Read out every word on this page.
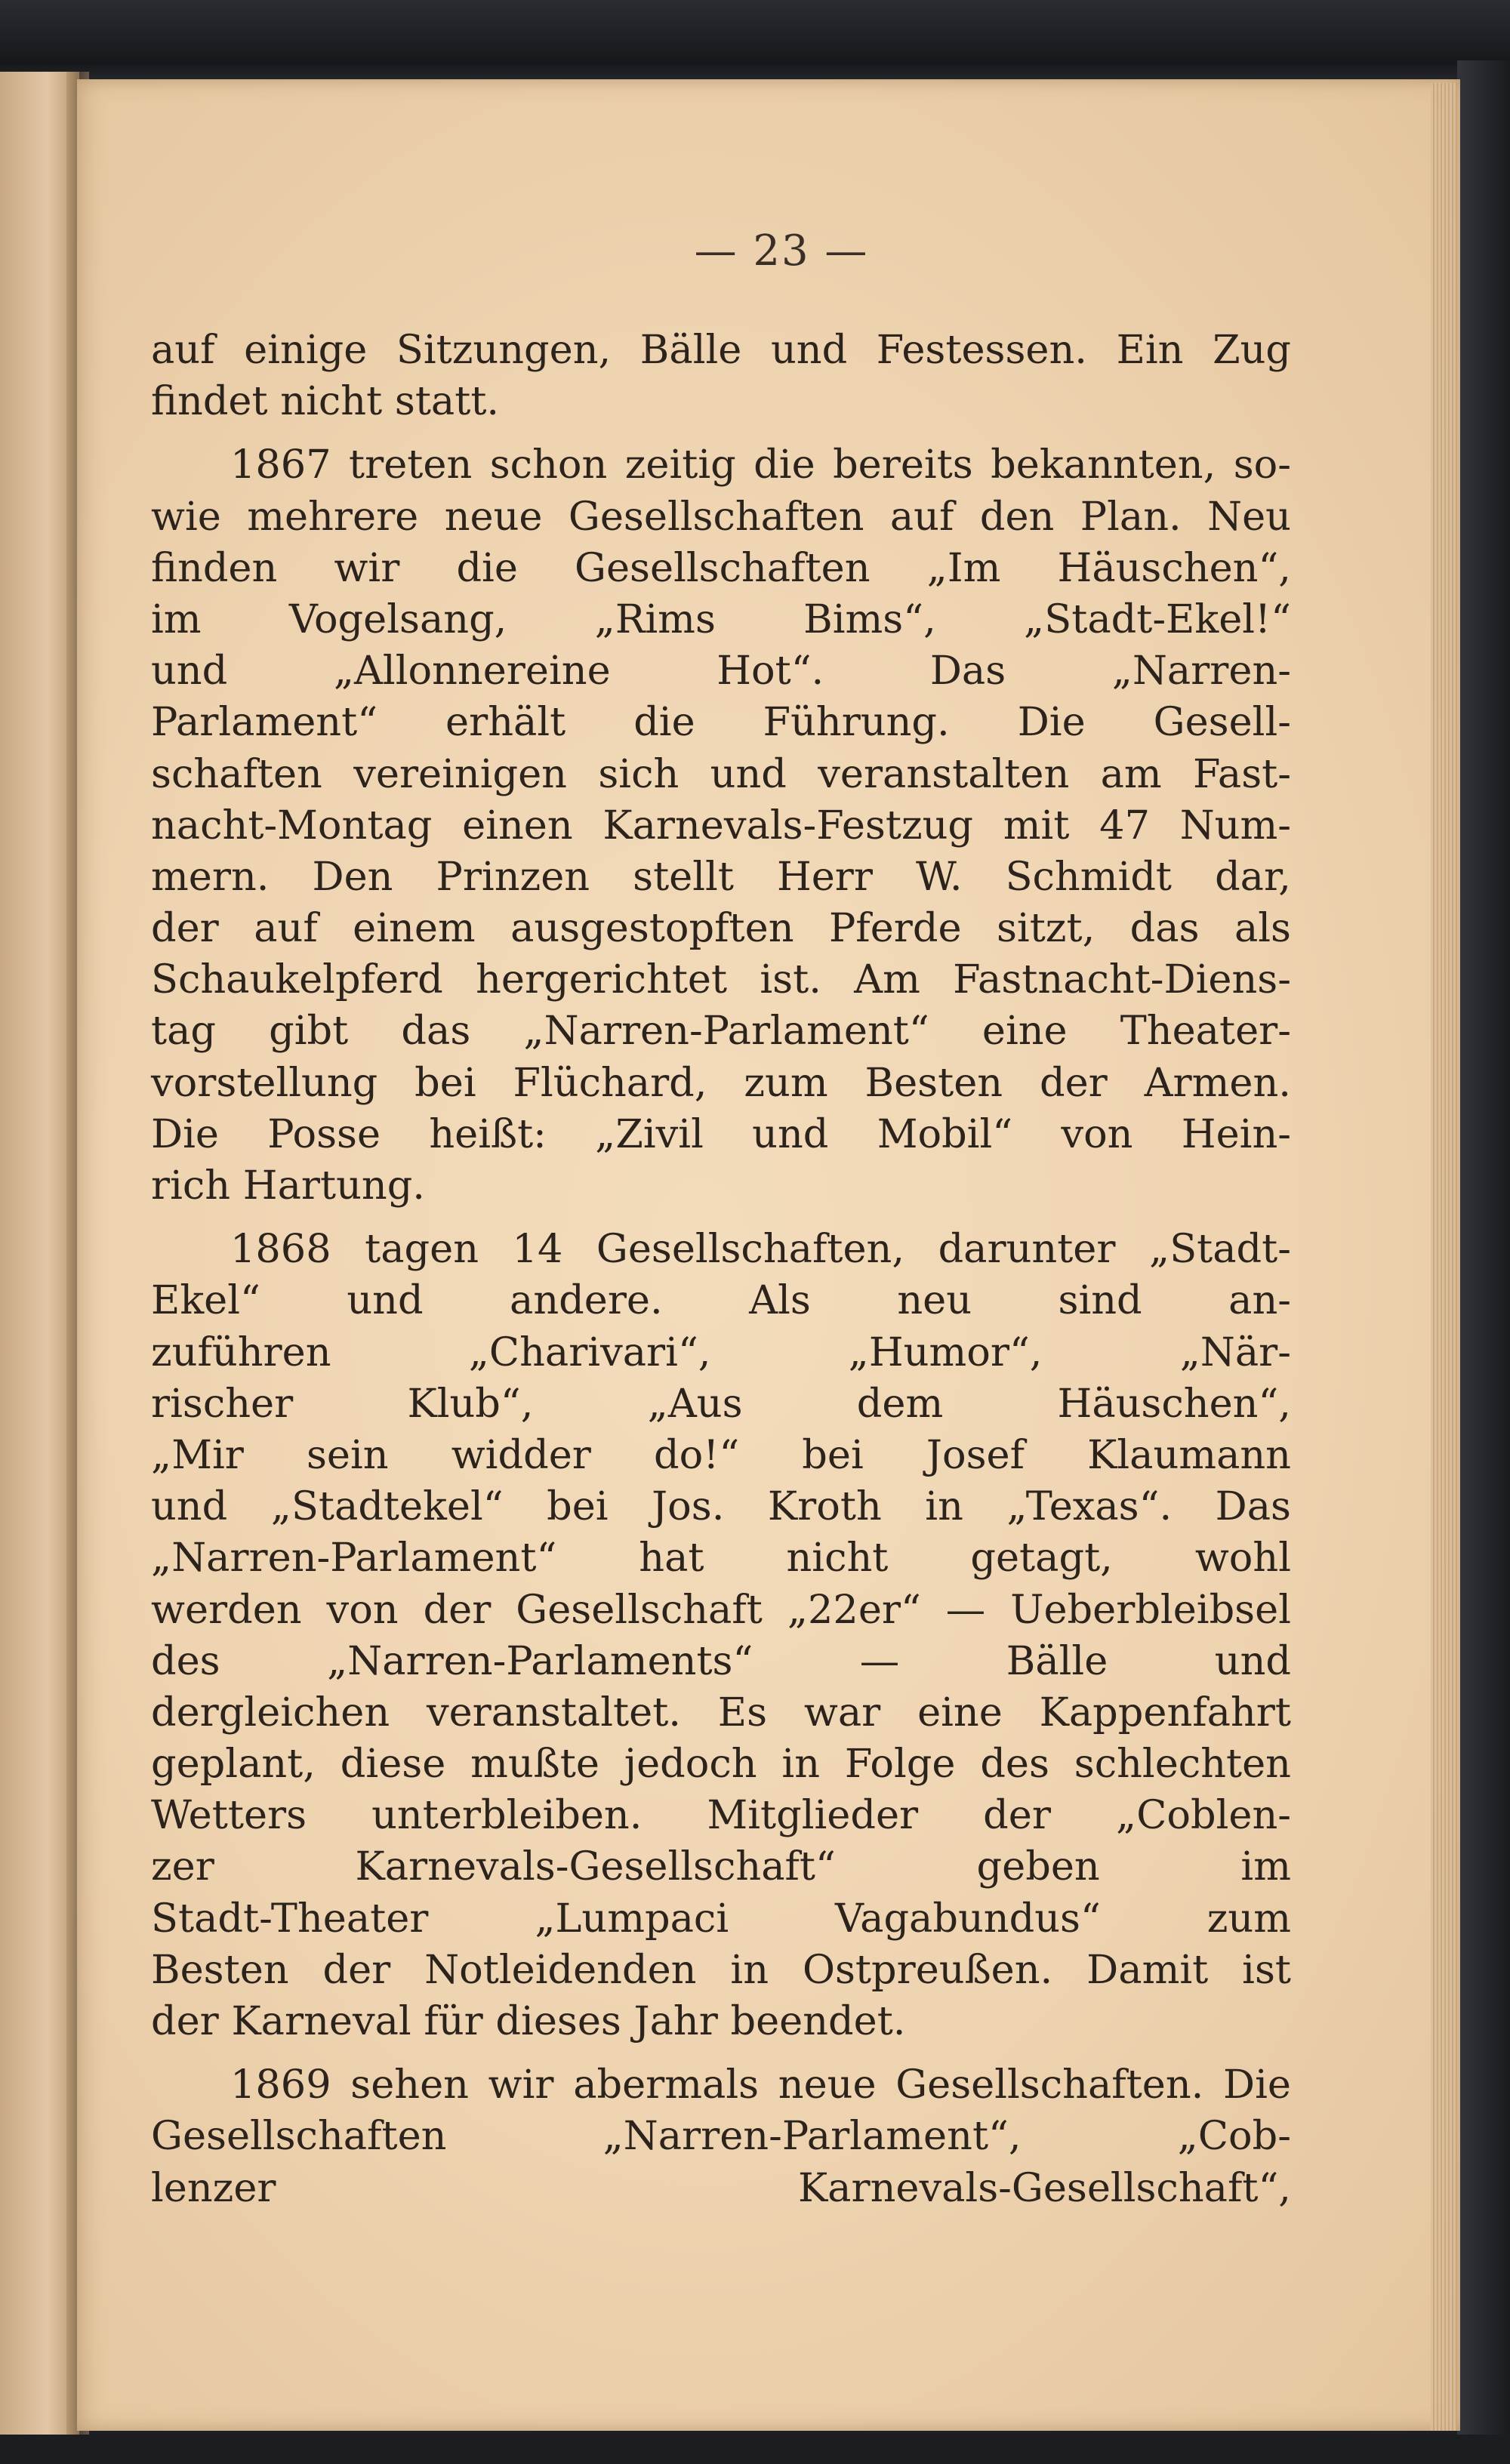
— 23 —
auf einige Sitzungen, Bälle und Festessen. Ein Zug
findet nicht statt.
1867 treten schon zeitig die bereits bekannten, so-
wie mehrere neue Gesellschaften auf den Plan. Neu
finden wir die Gesellschaften „Im Häuschen“,
im Vogelsang, „Rims Bims“, „Stadt-Ekel!“
und „Allonnereine Hot“. Das „Narren-
Parlament“ erhält die Führung. Die Gesell-
schaften vereinigen sich und veranstalten am Fast-
nacht-Montag einen Karnevals-Festzug mit 47 Num-
mern. Den Prinzen stellt Herr W. Schmidt dar,
der auf einem ausgestopften Pferde sitzt, das als
Schaukelpferd hergerichtet ist. Am Fastnacht-Diens-
tag gibt das „Narren-Parlament“ eine Theater-
vorstellung bei Flüchard, zum Besten der Armen.
Die Posse heißt: „Zivil und Mobil“ von Hein-
rich Hartung.
1868 tagen 14 Gesellschaften, darunter „Stadt-
Ekel“ und andere. Als neu sind an-
zuführen „Charivari“, „Humor“, „När-
rischer Klub“, „Aus dem Häuschen“,
„Mir sein widder do!“ bei Josef Klaumann
und „Stadtekel“ bei Jos. Kroth in „Texas“. Das
„Narren-Parlament“ hat nicht getagt, wohl
werden von der Gesellschaft „22er“ — Ueberbleibsel
des „Narren-Parlaments“ — Bälle und
dergleichen veranstaltet. Es war eine Kappenfahrt
geplant, diese mußte jedoch in Folge des schlechten
Wetters unterbleiben. Mitglieder der „Coblen-
zer Karnevals-Gesellschaft“ geben im
Stadt-Theater „Lumpaci Vagabundus“ zum
Besten der Notleidenden in Ostpreußen. Damit ist
der Karneval für dieses Jahr beendet.
1869 sehen wir abermals neue Gesellschaften. Die
Gesellschaften „Narren-Parlament“, „Cob-
lenzer Karnevals-Gesellschaft“,
